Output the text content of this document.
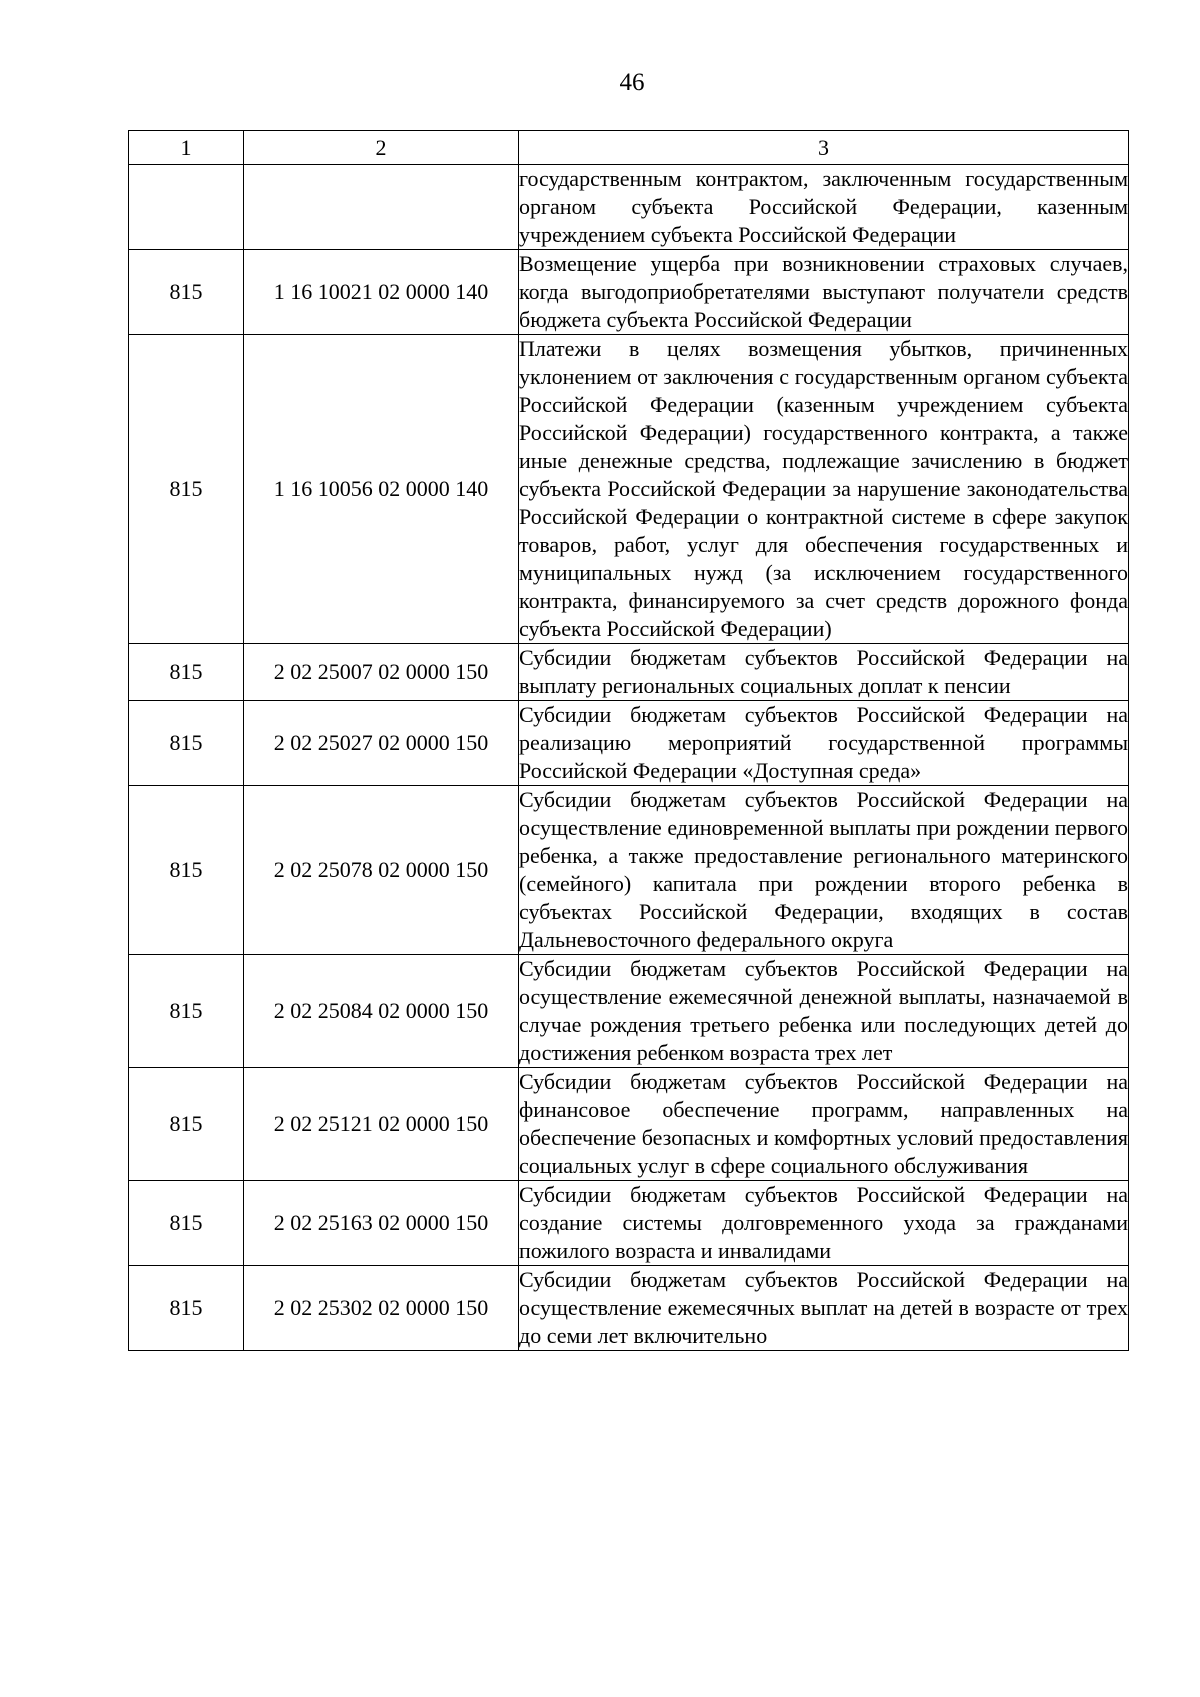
46
1	2	3
		государственным контрактом, заключенным государственным органом субъекта Российской Федерации, казенным учреждением субъекта Российской Федерации
815	1 16 10021 02 0000 140	Возмещение ущерба при возникновении страховых случаев, когда выгодоприобретателями выступают получатели средств бюджета субъекта Российской Федерации
815	1 16 10056 02 0000 140	Платежи в целях возмещения убытков, причиненных уклонением от заключения с государственным органом субъекта Российской Федерации (казенным учреждением субъекта Российской Федерации) государственного контракта, а также иные денежные средства, подлежащие зачислению в бюджет субъекта Российской Федерации за нарушение законодательства Российской Федерации о контрактной системе в сфере закупок товаров, работ, услуг для обеспечения государственных и муниципальных нужд (за исключением государственного контракта, финансируемого за счет средств дорожного фонда субъекта Российской Федерации)
815	2 02 25007 02 0000 150	Субсидии бюджетам субъектов Российской Федерации на выплату региональных социальных доплат к пенсии
815	2 02 25027 02 0000 150	Субсидии бюджетам субъектов Российской Федерации на реализацию мероприятий государственной программы Российской Федерации «Доступная среда»
815	2 02 25078 02 0000 150	Субсидии бюджетам субъектов Российской Федерации на осуществление единовременной выплаты при рождении первого ребенка, а также предоставление регионального материнского (семейного) капитала при рождении второго ребенка в субъектах Российской Федерации, входящих в состав Дальневосточного федерального округа
815	2 02 25084 02 0000 150	Субсидии бюджетам субъектов Российской Федерации на осуществление ежемесячной денежной выплаты, назначаемой в случае рождения третьего ребенка или последующих детей до достижения ребенком возраста трех лет
815	2 02 25121 02 0000 150	Субсидии бюджетам субъектов Российской Федерации на финансовое обеспечение программ, направленных на обеспечение безопасных и комфортных условий предоставления социальных услуг в сфере социального обслуживания
815	2 02 25163 02 0000 150	Субсидии бюджетам субъектов Российской Федерации на создание системы долговременного ухода за гражданами пожилого возраста и инвалидами
815	2 02 25302 02 0000 150	Субсидии бюджетам субъектов Российской Федерации на осуществление ежемесячных выплат на детей в возрасте от трех до семи лет включительно
